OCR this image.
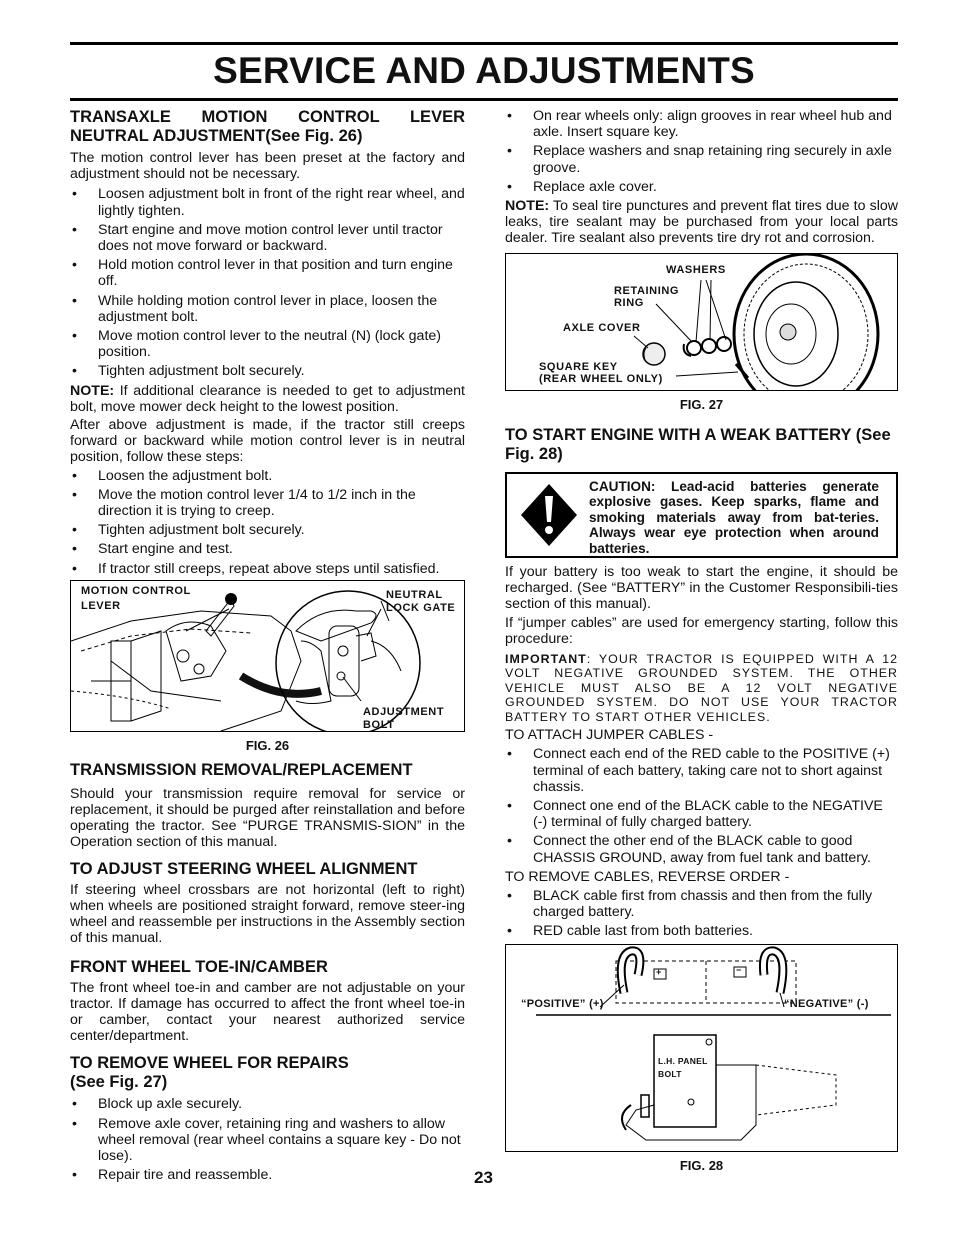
SERVICE AND ADJUSTMENTS
TRANSAXLE MOTION CONTROL LEVER NEUTRAL ADJUSTMENT(See Fig. 26)

The motion control lever has been preset at the factory and adjustment should not be necessary.

• Loosen adjustment bolt in front of the right rear wheel, and lightly tighten.
• Start engine and move motion control lever until tractor does not move forward or backward.
• Hold motion control lever in that position and turn engine off.
• While holding motion control lever in place, loosen the adjustment bolt.
• Move motion control lever to the neutral (N) (lock gate) position.
• Tighten adjustment bolt securely.

NOTE: If additional clearance is needed to get to adjustment bolt, move mower deck height to the lowest position.

After above adjustment is made, if the tractor still creeps forward or backward while motion control lever is in neutral position, follow these steps:

• Loosen the adjustment bolt.
• Move the motion control lever 1/4 to 1/2 inch in the direction it is trying to creep.
• Tighten adjustment bolt securely.
• Start engine and test.
• If tractor still creeps, repeat above steps until satisfied.
MOTION CONTROL
LEVER
NEUTRAL
LOCK GATE
ADJUSTMENT
BOLT
FIG. 26
TRANSMISSION REMOVAL/REPLACEMENT

Should your transmission require removal for service or replacement, it should be purged after reinstallation and before operating the tractor. See “PURGE TRANSMIS-SION” in the Operation section of this manual.

TO ADJUST STEERING WHEEL ALIGNMENT

If steering wheel crossbars are not horizontal (left to right) when wheels are positioned straight forward, remove steer-ing wheel and reassemble per instructions in the Assembly section of this manual.

FRONT WHEEL TOE-IN/CAMBER

The front wheel toe-in and camber are not adjustable on your tractor. If damage has occurred to affect the front wheel toe-in or camber, contact your nearest authorized service center/department.

TO REMOVE WHEEL FOR REPAIRS
(See Fig. 27)
• Block up axle securely.
• Remove axle cover, retaining ring and washers to allow wheel removal (rear wheel contains a square key - Do not lose).
• Repair tire and reassemble.
• On rear wheels only: align grooves in rear wheel hub and axle. Insert square key.
• Replace washers and snap retaining ring securely in axle groove.
• Replace axle cover.

NOTE: To seal tire punctures and prevent flat tires due to slow leaks, tire sealant may be purchased from your local parts dealer. Tire sealant also prevents tire dry rot and corrosion.

WASHERS
RETAINING
RING
AXLE COVER
SQUARE KEY
(REAR WHEEL ONLY)
FIG. 27
TO START ENGINE WITH A WEAK BATTERY (See Fig. 28)
CAUTION: Lead-acid batteries generate explosive gases. Keep sparks, flame and smoking materials away from bat-teries. Always wear eye protection when around batteries.

If your battery is too weak to start the engine, it should be recharged. (See “BATTERY” in the Customer Responsibili-ties section of this manual).

If “jumper cables” are used for emergency starting, follow this procedure:

IMPORTANT: YOUR TRACTOR IS EQUIPPED WITH A 12 VOLT NEGATIVE GROUNDED SYSTEM. THE OTHER VEHICLE MUST ALSO BE A 12 VOLT NEGATIVE GROUNDED SYSTEM. DO NOT USE YOUR TRACTOR BATTERY TO START OTHER VEHICLES.

TO ATTACH JUMPER CABLES -

• Connect each end of the RED cable to the POSITIVE (+) terminal of each battery, taking care not to short against chassis.
• Connect one end of the BLACK cable to the NEGATIVE (-) terminal of fully charged battery.
• Connect the other end of the BLACK cable to good CHASSIS GROUND, away from fuel tank and battery.

TO REMOVE CABLES, REVERSE ORDER -

• BLACK cable first from chassis and then from the fully charged battery.
• RED cable last from both batteries.
“POSITIVE” (+)	“NEGATIVE” (-)
L.H. PANEL
BOLT
+	−
FIG. 28
23
